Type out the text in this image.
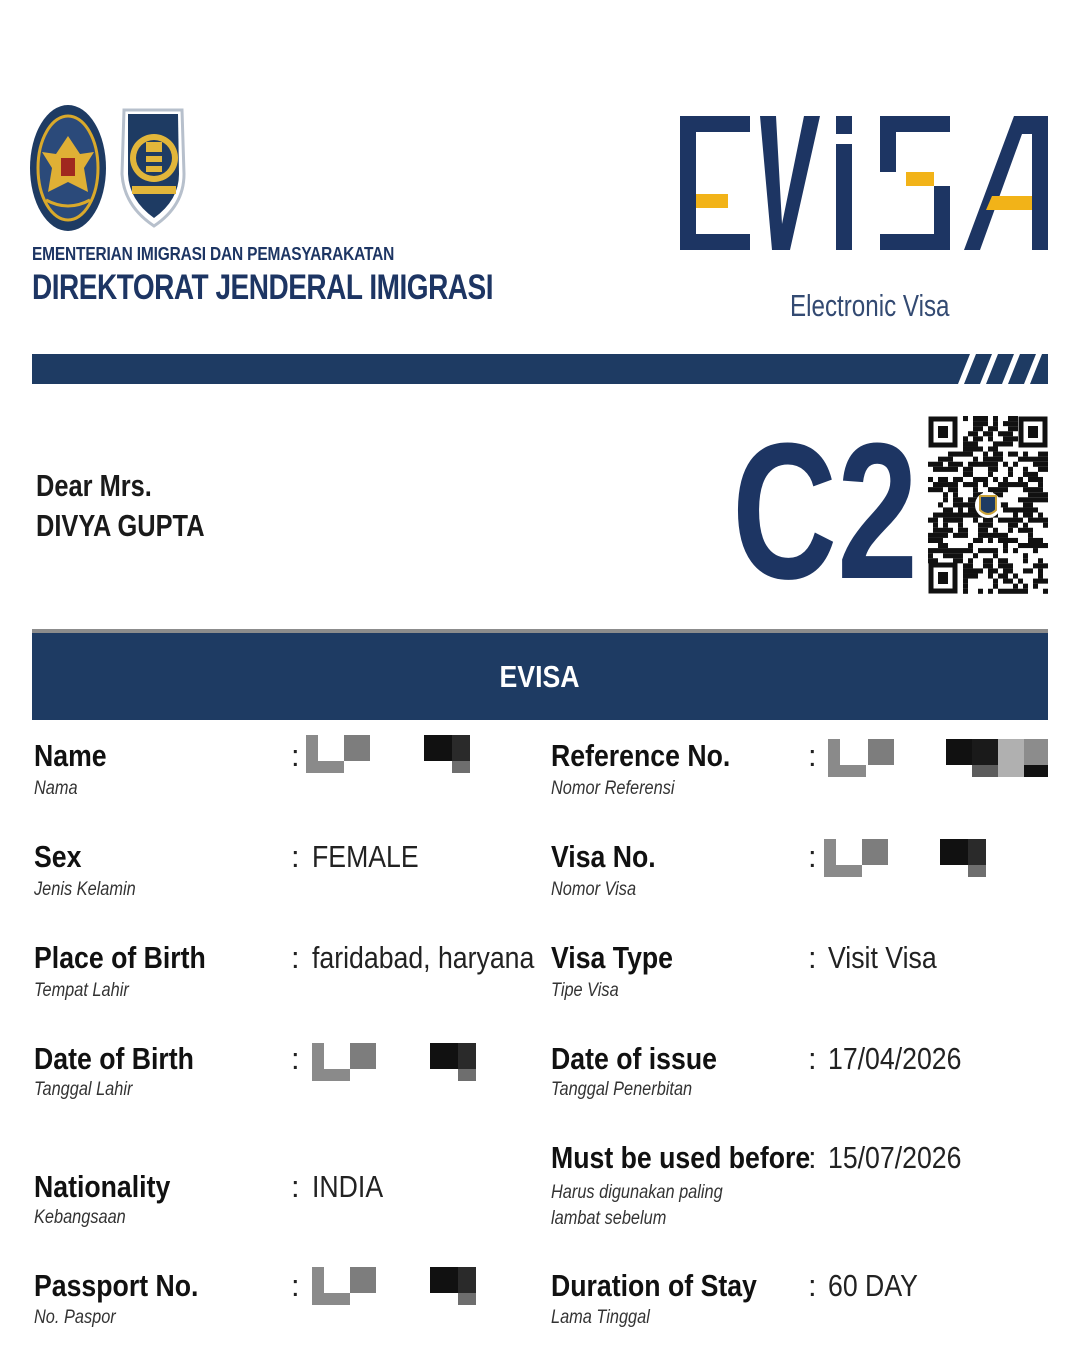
EMENTERIAN IMIGRASI DAN PEMASYARAKATAN
DIREKTORAT JENDERAL IMIGRASI	Electronic Visa
Dear Mrs.
DIVYA GUPTA	C2
EVISA
Name
Nama
:
Sex
Jenis Kelamin
: FEMALE
Place of Birth
Tempat Lahir
: faridabad, haryana
Date of Birth
Tanggal Lahir
:
Nationality
Kebangsaan
: INDIA
Passport No.
No. Paspor
:
Reference No.
Nomor Referensi
:
Visa No.
Nomor Visa
:
Visa Type
Tipe Visa
: Visit Visa
Date of issue
Tanggal Penerbitan
: 17/04/2026
Must be used before
Harus digunakan paling lambat sebelum
: 15/07/2026
Duration of Stay
Lama Tinggal
: 60 DAY
